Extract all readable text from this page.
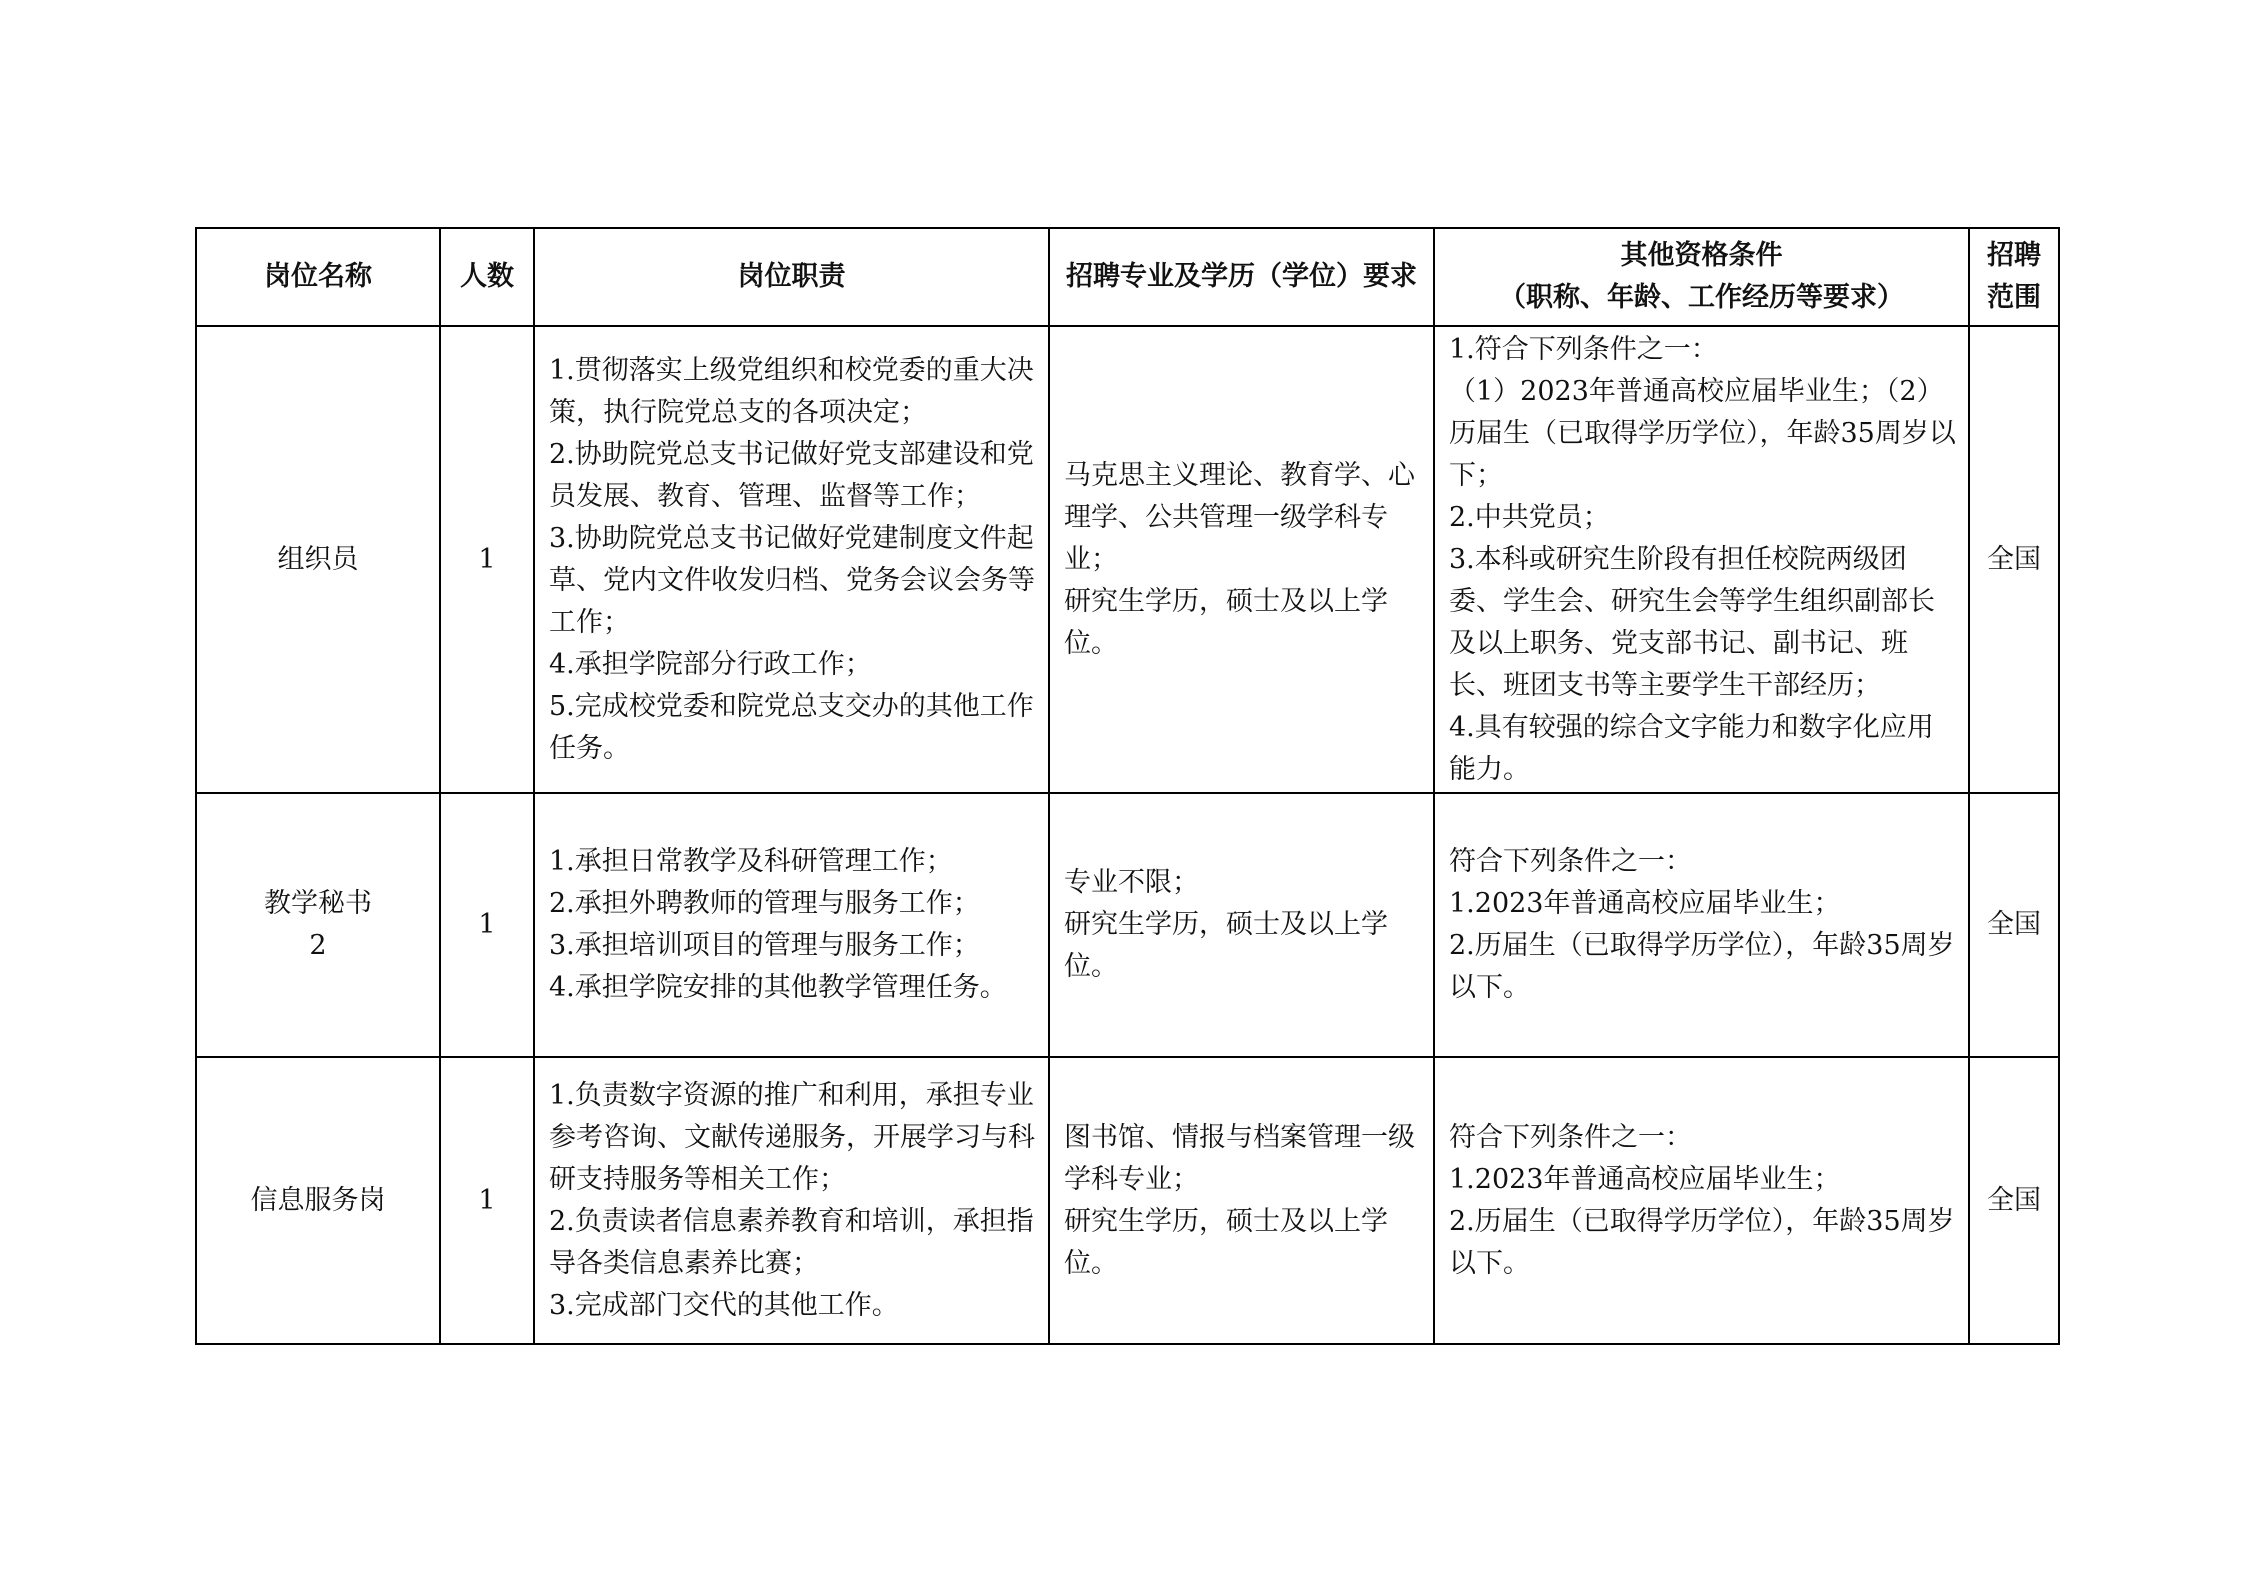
岗位名称	人数	岗位职责	招聘专业及学历（学位）要求	其他资格条件
（职称、年龄、工作经历等要求）	招聘
范围

组织员	1	1.贯彻落实上级党组织和校党委的重大决策，执行院党总支的各项决定；
2.协助院党总支书记做好党支部建设和党员发展、教育、管理、监督等工作；
3.协助院党总支书记做好党建制度文件起草、党内文件收发归档、党务会议会务等工作；
4.承担学院部分行政工作；
5.完成校党委和院党总支交办的其他工作任务。	马克思主义理论、教育学、心理学、公共管理一级学科专业；
研究生学历，硕士及以上学位。	1.符合下列条件之一：
（1）2023年普通高校应届毕业生；（2）历届生（已取得学历学位），年龄35周岁以下；
2.中共党员；
3.本科或研究生阶段有担任校院两级团委、学生会、研究生会等学生组织副部长及以上职务、党支部书记、副书记、班长、班团支书等主要学生干部经历；
4.具有较强的综合文字能力和数字化应用能力。	全国

教学秘书
2	1	1.承担日常教学及科研管理工作；
2.承担外聘教师的管理与服务工作；
3.承担培训项目的管理与服务工作；
4.承担学院安排的其他教学管理任务。	专业不限；
研究生学历，硕士及以上学位。	符合下列条件之一：
1.2023年普通高校应届毕业生；
2.历届生（已取得学历学位），年龄35周岁以下。	全国

信息服务岗	1	1.负责数字资源的推广和利用，承担专业参考咨询、文献传递服务，开展学习与科研支持服务等相关工作；
2.负责读者信息素养教育和培训，承担指导各类信息素养比赛；
3.完成部门交代的其他工作。	图书馆、情报与档案管理一级学科专业；
研究生学历，硕士及以上学位。	符合下列条件之一：
1.2023年普通高校应届毕业生；
2.历届生（已取得学历学位），年龄35周岁以下。	全国
